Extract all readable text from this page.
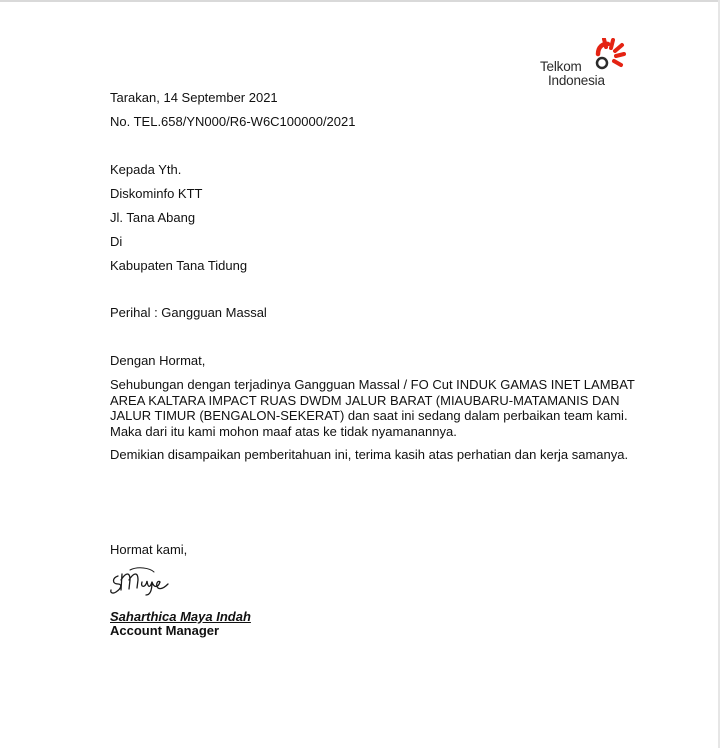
Telkom
Indonesia
Tarakan, 14 September 2021
No. TEL.658/YN000/R6-W6C100000/2021
Kepada Yth.
Diskominfo KTT
Jl. Tana Abang
Di
Kabupaten Tana Tidung
Perihal : Gangguan Massal
Dengan Hormat,
Sehubungan dengan terjadinya Gangguan Massal / FO Cut INDUK GAMAS INET LAMBAT
AREA KALTARA IMPACT RUAS DWDM JALUR BARAT (MIAUBARU-MATAMANIS DAN
JALUR TIMUR (BENGALON-SEKERAT) dan saat ini sedang dalam perbaikan team kami.
Maka dari itu kami mohon maaf atas ke tidak nyamanannya.
Demikian disampaikan pemberitahuan ini, terima kasih atas perhatian dan kerja samanya.
Hormat kami,
Saharthica Maya Indah
Account Manager
